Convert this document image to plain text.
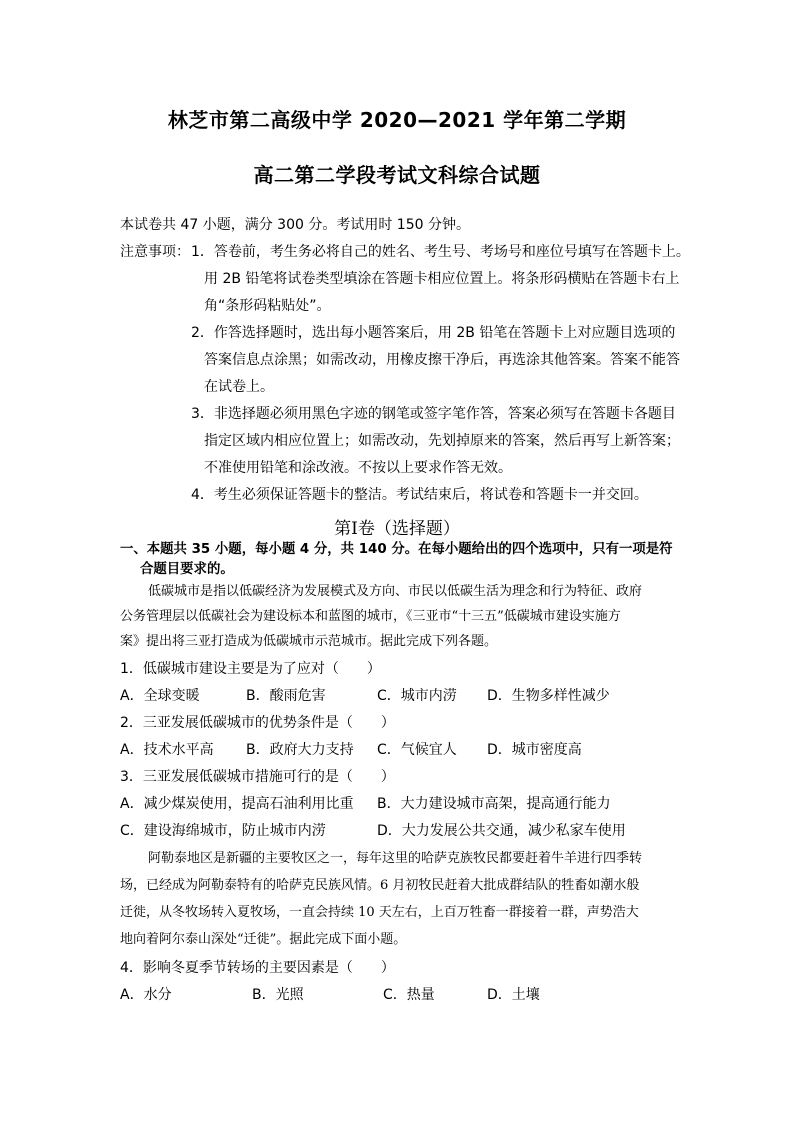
林芝市第二高级中学 2020—2021 学年第二学期
高二第二学段考试文科综合试题
本试卷共 47 小题，满分 300 分。考试用时 150 分钟。
注意事项： 1．答卷前，考生务必将自己的姓名、考生号、考场号和座位号填写在答题卡上。
用 2B 铅笔将试卷类型填涂在答题卡相应位置上。将条形码横贴在答题卡右上
角“条形码粘贴处”。
2．作答选择题时，选出每小题答案后，用 2B 铅笔在答题卡上对应题目选项的
答案信息点涂黑；如需改动，用橡皮擦干净后，再选涂其他答案。答案不能答
在试卷上。
3．非选择题必须用黑色字迹的钢笔或签字笔作答，答案必须写在答题卡各题目
指定区域内相应位置上；如需改动，先划掉原来的答案，然后再写上新答案；
不准使用铅笔和涂改液。不按以上要求作答无效。
4．考生必须保证答题卡的整洁。考试结束后，将试卷和答题卡一并交回。
第Ⅰ卷（选择题）
一、本题共 35 小题，每小题 4 分，共 140 分。在每小题给出的四个选项中，只有一项是符
合题目要求的。
低碳城市是指以低碳经济为发展模式及方向、市民以低碳生活为理念和行为特征、政府
公务管理层以低碳社会为建设标本和蓝图的城市，《三亚市“十三五”低碳城市建设实施方
案》提出将三亚打造成为低碳城市示范城市。据此完成下列各题。
1．低碳城市建设主要是为了应对（　　）
A．全球变暖	B．酸雨危害	C．城市内涝 D．生物多样性减少
2．三亚发展低碳城市的优势条件是（　　）
A．技术水平高 B．政府大力支持 C．气候宜人 D．城市密度高
3．三亚发展低碳城市措施可行的是（　　）
A．减少煤炭使用，提高石油利用比重 B．大力建设城市高架，提高通行能力
C．建设海绵城市，防止城市内涝	D．大力发展公共交通，减少私家车使用
阿勒泰地区是新疆的主要牧区之一，每年这里的哈萨克族牧民都要赶着牛羊进行四季转
场，已经成为阿勒泰特有的哈萨克民族风情。6 月初牧民赶着大批成群结队的牲畜如潮水般
迁徙，从冬牧场转入夏牧场，一直会持续 10 天左右，上百万牲畜一群接着一群，声势浩大
地向着阿尔泰山深处“迁徙”。据此完成下面小题。
4．影响冬夏季节转场的主要因素是（　　）
A．水分	B．光照	C．热量	D．土壤
